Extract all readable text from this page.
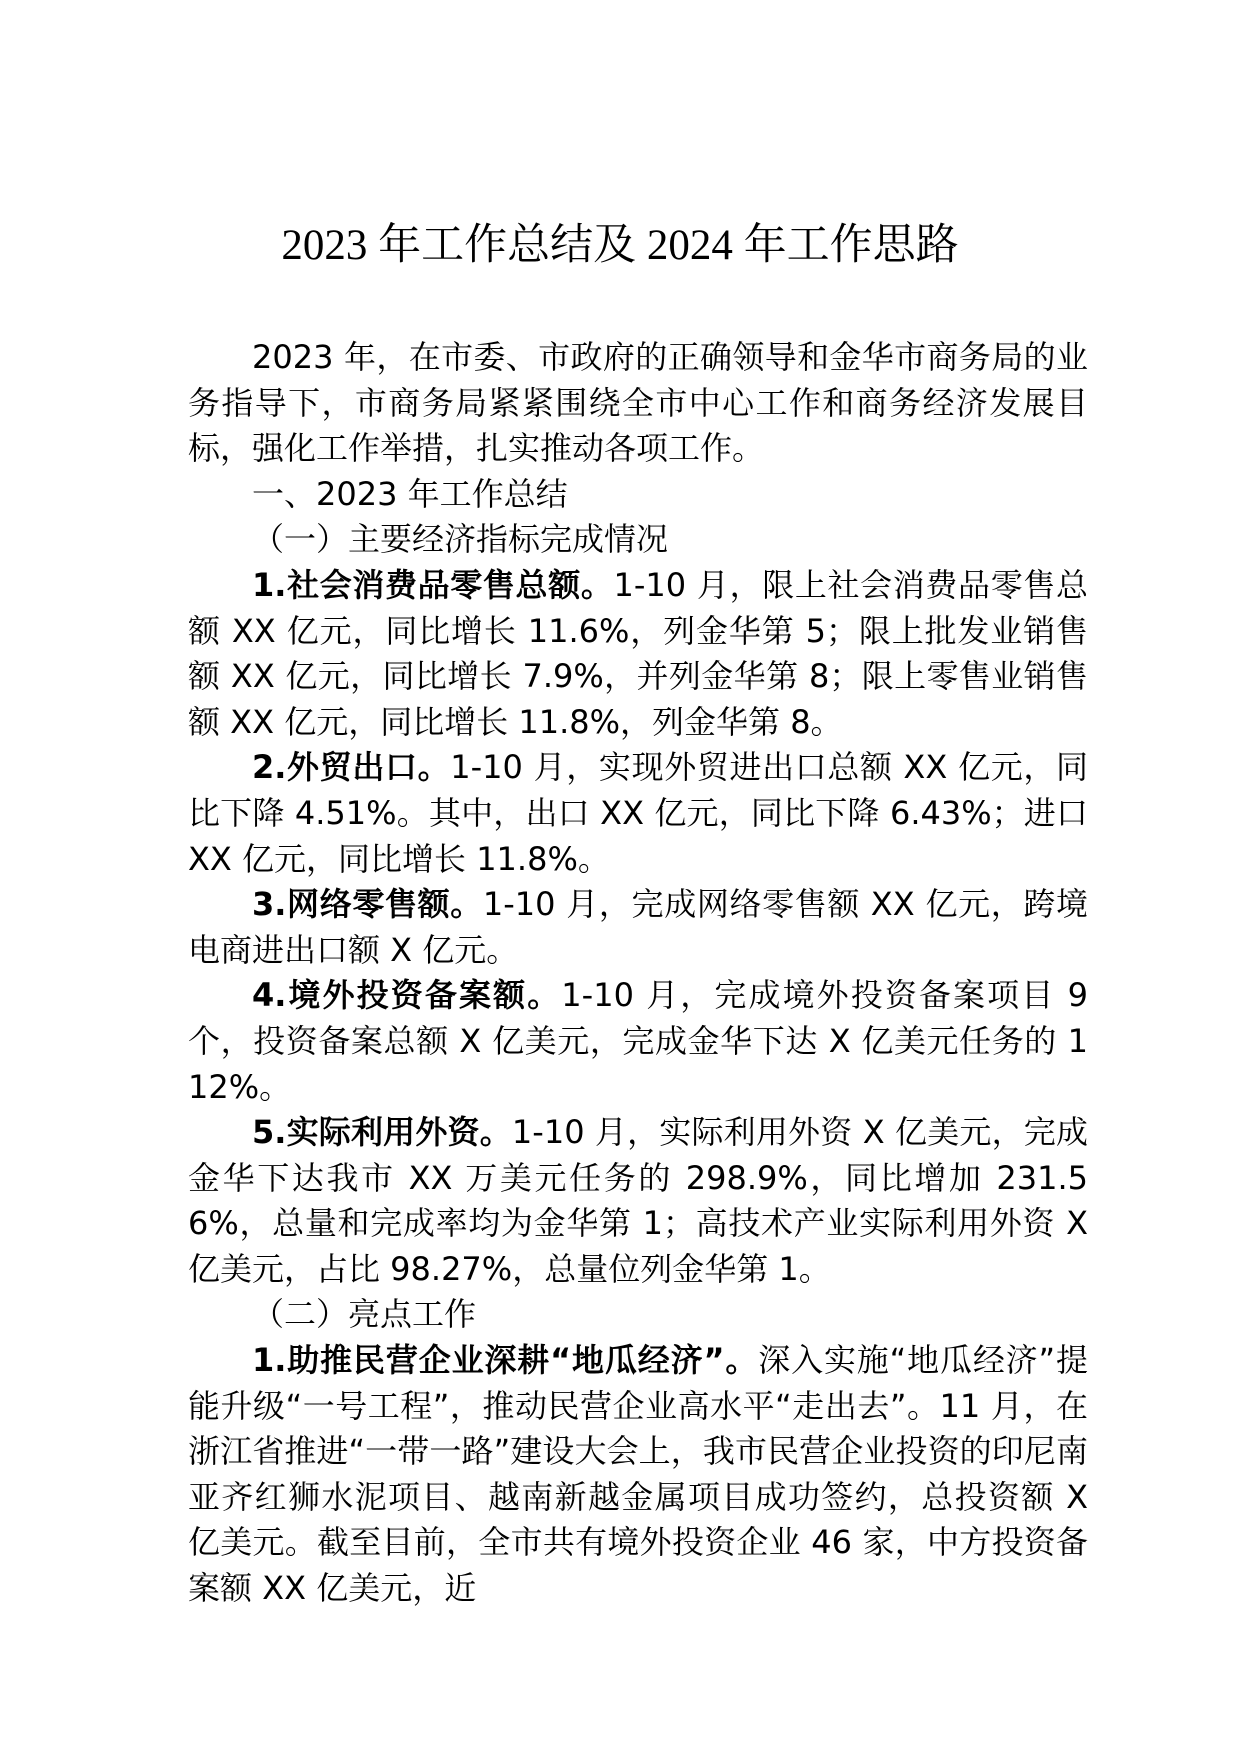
2023 年工作总结及 2024 年工作思路

2023 年，在市委、市政府的正确领导和金华市商务局的业务指导下，市商务局紧紧围绕全市中心工作和商务经济发展目标，强化工作举措，扎实推动各项工作。

一、2023 年工作总结

（一）主要经济指标完成情况

1.社会消费品零售总额。1-10 月，限上社会消费品零售总额 XX 亿元，同比增长 11.6%，列金华第 5；限上批发业销售额 XX 亿元，同比增长 7.9%，并列金华第 8；限上零售业销售额 XX 亿元，同比增长 11.8%，列金华第 8。

2.外贸出口。1-10 月，实现外贸进出口总额 XX 亿元，同比下降 4.51%。其中，出口 XX 亿元，同比下降 6.43%；进口 XX 亿元，同比增长 11.8%。

3.网络零售额。1-10 月，完成网络零售额 XX 亿元，跨境电商进出口额 X 亿元。

4.境外投资备案额。1-10 月，完成境外投资备案项目 9 个，投资备案总额 X 亿美元，完成金华下达 X 亿美元任务的 112%。

5.实际利用外资。1-10 月，实际利用外资 X 亿美元，完成金华下达我市 XX 万美元任务的 298.9%，同比增加 231.56%，总量和完成率均为金华第 1；高技术产业实际利用外资 X 亿美元，占比 98.27%，总量位列金华第 1。

（二）亮点工作

1.助推民营企业深耕“地瓜经济”。深入实施“地瓜经济”提能升级“一号工程”，推动民营企业高水平“走出去”。11 月，在浙江省推进“一带一路”建设大会上，我市民营企业投资的印尼南亚齐红狮水泥项目、越南新越金属项目成功签约，总投资额 X 亿美元。截至目前，全市共有境外投资企业 46 家，中方投资备案额 XX 亿美元，近
